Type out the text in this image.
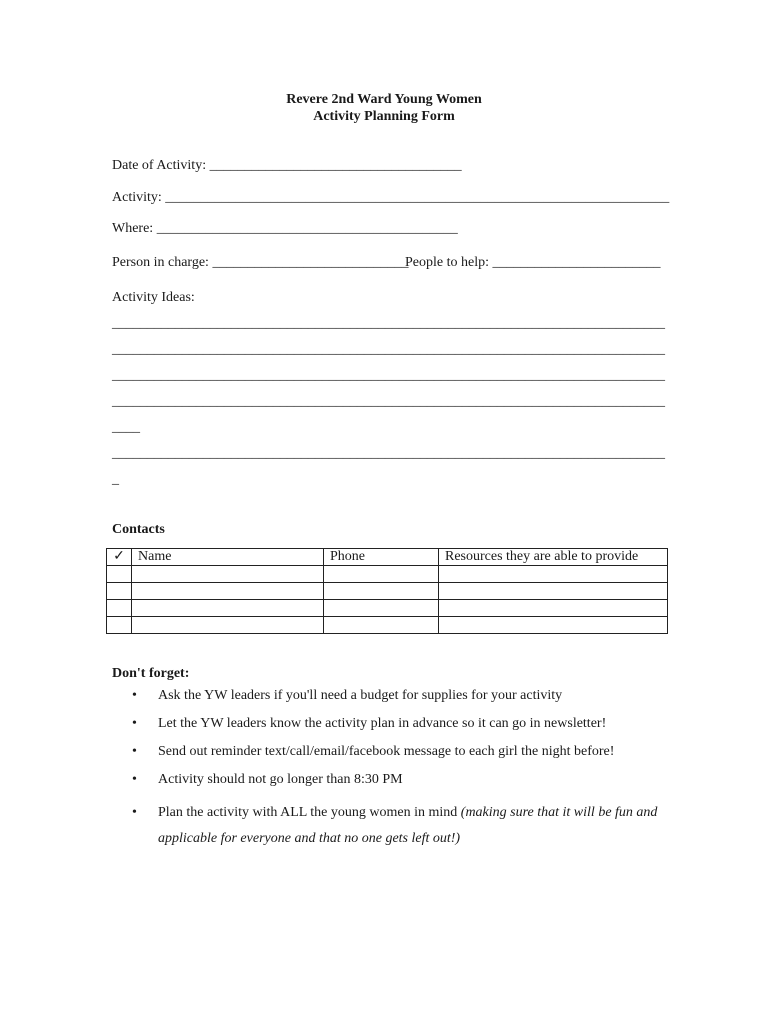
Revere 2nd Ward Young Women
Activity Planning Form
Date of Activity: ____________________________________
Activity: ________________________________________________________________________
Where: ___________________________________________
Person in charge: ____________________________
People to help: ________________________
Activity Ideas:
_______________________________________________________________________________
_______________________________________________________________________________
_______________________________________________________________________________
_______________________________________________________________________________
____
_______________________________________________________________________________
_
Contacts
✓	Name	Phone	Resources they are able to provide

Don't forget:
• Ask the YW leaders if you'll need a budget for supplies for your activity
• Let the YW leaders know the activity plan in advance so it can go in newsletter!
• Send out reminder text/call/email/facebook message to each girl the night before!
• Activity should not go longer than 8:30 PM
• Plan the activity with ALL the young women in mind (making sure that it will be fun and applicable for everyone and that no one gets left out!)
